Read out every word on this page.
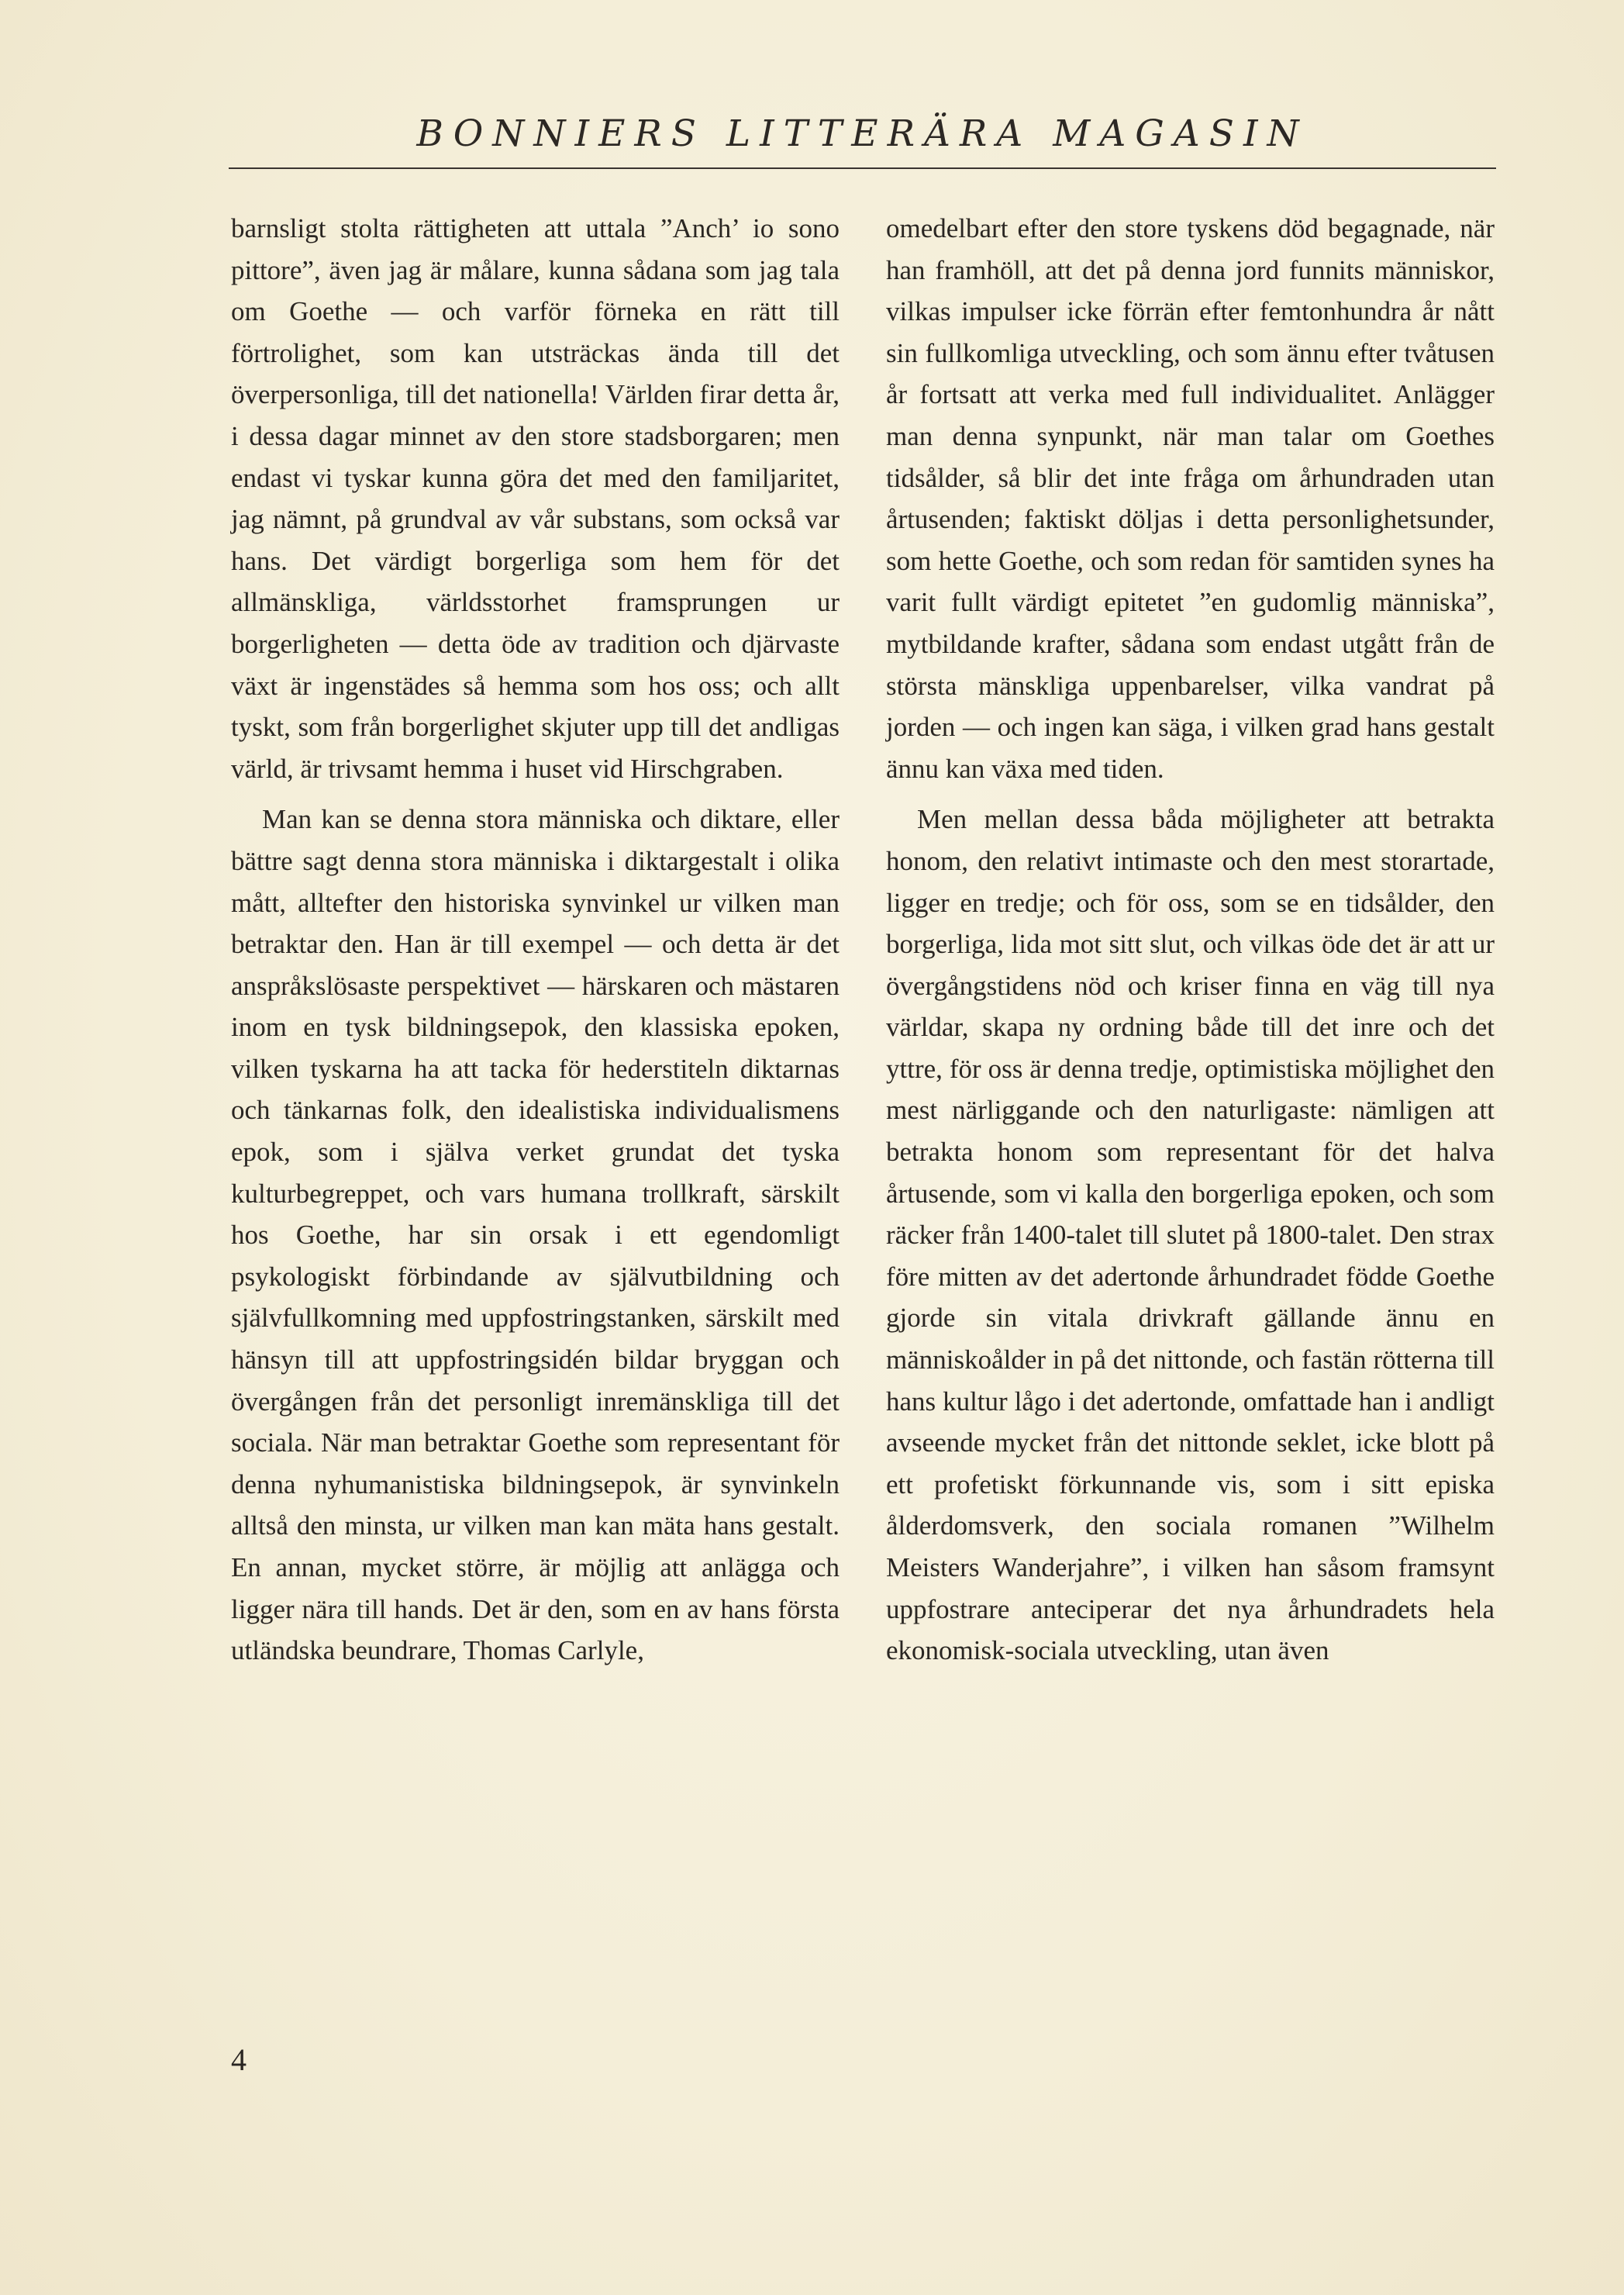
BONNIERS LITTERÄRA MAGASIN

barnsligt stolta rättigheten att uttala ”Anch’ io sono pittore”, även jag är målare, kunna sådana som jag tala om Goethe — och varför förneka en rätt till förtrolighet, som kan utsträckas ända till det överpersonliga, till det nationella! Världen firar detta år, i dessa dagar minnet av den store stadsborgaren; men endast vi tyskar kunna göra det med den familjaritet, jag nämnt, på grundval av vår substans, som också var hans. Det värdigt borgerliga som hem för det allmänskliga, världsstorhet framsprungen ur borgerligheten — detta öde av tradition och djärvaste växt är ingenstädes så hemma som hos oss; och allt tyskt, som från borgerlighet skjuter upp till det andligas värld, är trivsamt hemma i huset vid Hirschgraben.

Man kan se denna stora människa och diktare, eller bättre sagt denna stora människa i diktargestalt i olika mått, alltefter den historiska synvinkel ur vilken man betraktar den. Han är till exempel — och detta är det anspråkslösaste perspektivet — härskaren och mästaren inom en tysk bildningsepok, den klassiska epoken, vilken tyskarna ha att tacka för hederstiteln diktarnas och tänkarnas folk, den idealistiska individualismens epok, som i själva verket grundat det tyska kulturbegreppet, och vars humana trollkraft, särskilt hos Goethe, har sin orsak i ett egendomligt psykologiskt förbindande av självutbildning och självfullkomning med uppfostringstanken, särskilt med hänsyn till att uppfostringsidén bildar bryggan och övergången från det personligt inremänskliga till det sociala. När man betraktar Goethe som representant för denna nyhumanistiska bildningsepok, är synvinkeln alltså den minsta, ur vilken man kan mäta hans gestalt. En annan, mycket större, är möjlig att anlägga och ligger nära till hands. Det är den, som en av hans första utländska beundrare, Thomas Carlyle,

omedelbart efter den store tyskens död begagnade, när han framhöll, att det på denna jord funnits människor, vilkas impulser icke förrän efter femtonhundra år nått sin fullkomliga utveckling, och som ännu efter tvåtusen år fortsatt att verka med full individualitet. Anlägger man denna synpunkt, när man talar om Goethes tidsålder, så blir det inte fråga om århundraden utan årtusenden; faktiskt döljas i detta personlighetsunder, som hette Goethe, och som redan för samtiden synes ha varit fullt värdigt epitetet ”en gudomlig människa”, mytbildande krafter, sådana som endast utgått från de största mänskliga uppenbarelser, vilka vandrat på jorden — och ingen kan säga, i vilken grad hans gestalt ännu kan växa med tiden.

Men mellan dessa båda möjligheter att betrakta honom, den relativt intimaste och den mest storartade, ligger en tredje; och för oss, som se en tidsålder, den borgerliga, lida mot sitt slut, och vilkas öde det är att ur övergångstidens nöd och kriser finna en väg till nya världar, skapa ny ordning både till det inre och det yttre, för oss är denna tredje, optimistiska möjlighet den mest närliggande och den naturligaste: nämligen att betrakta honom som representant för det halva årtusende, som vi kalla den borgerliga epoken, och som räcker från 1400-talet till slutet på 1800-talet. Den strax före mitten av det adertonde århundradet födde Goethe gjorde sin vitala drivkraft gällande ännu en människoålder in på det nittonde, och fastän rötterna till hans kultur lågo i det adertonde, omfattade han i andligt avseende mycket från det nittonde seklet, icke blott på ett profetiskt förkunnande vis, som i sitt episka ålderdomsverk, den sociala romanen ”Wilhelm Meisters Wanderjahre”, i vilken han såsom framsynt uppfostrare anteciperar det nya århundradets hela ekonomisk-sociala utveckling, utan även

4
